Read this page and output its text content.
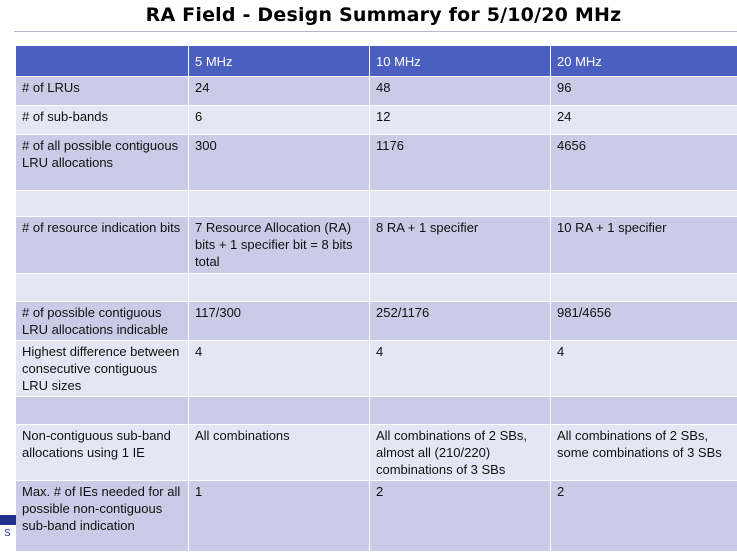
RA Field - Design Summary for 5/10/20 MHz
	5 MHz	10 MHz	20 MHz
# of LRUs	24	48	96
# of sub-bands	6	12	24
# of all possible contiguous LRU allocations	300	1176	4656

# of resource indication bits	7 Resource Allocation (RA) bits + 1 specifier bit = 8 bits total	8 RA + 1 specifier	10 RA + 1 specifier

# of possible contiguous LRU allocations indicable	117/300	252/1176	981/4656
Highest difference between consecutive contiguous LRU sizes	4	4	4

Non-contiguous sub-band allocations using 1 IE	All combinations	All combinations of 2 SBs, almost all (210/220) combinations of 3 SBs	All combinations of 2 SBs, some combinations of 3 SBs
Max. # of IEs needed for all possible non-contiguous sub-band indication	1	2	2
S
